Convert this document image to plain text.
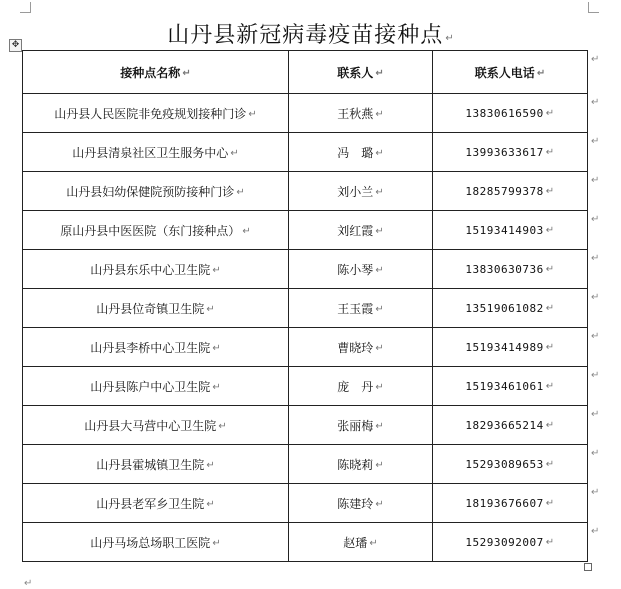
山丹县新冠病毒疫苗接种点 ↵
✥
接种点名称 ↵	联系人 ↵	联系人电话 ↵
山丹县人民医院非免疫规划接种门诊 ↵	王秋燕 ↵	13830616590 ↵
山丹县清泉社区卫生服务中心 ↵	冯　璐 ↵	13993633617 ↵
山丹县妇幼保健院预防接种门诊 ↵	刘小兰 ↵	18285799378 ↵
原山丹县中医医院（东门接种点） ↵	刘红霞 ↵	15193414903 ↵
山丹县东乐中心卫生院 ↵	陈小琴 ↵	13830630736 ↵
山丹县位奇镇卫生院 ↵	王玉霞 ↵	13519061082 ↵
山丹县李桥中心卫生院 ↵	曹晓玲 ↵	15193414989 ↵
山丹县陈户中心卫生院 ↵	庞　丹 ↵	15193461061 ↵
山丹县大马营中心卫生院 ↵	张丽梅 ↵	18293665214 ↵
山丹县霍城镇卫生院 ↵	陈晓莉 ↵	15293089653 ↵
山丹县老军乡卫生院 ↵	陈建玲 ↵	18193676607 ↵
山丹马场总场职工医院 ↵	赵璠 ↵	15293092007 ↵
↵
↵
↵
↵
↵
↵
↵
↵
↵
↵
↵
↵
↵
↵
